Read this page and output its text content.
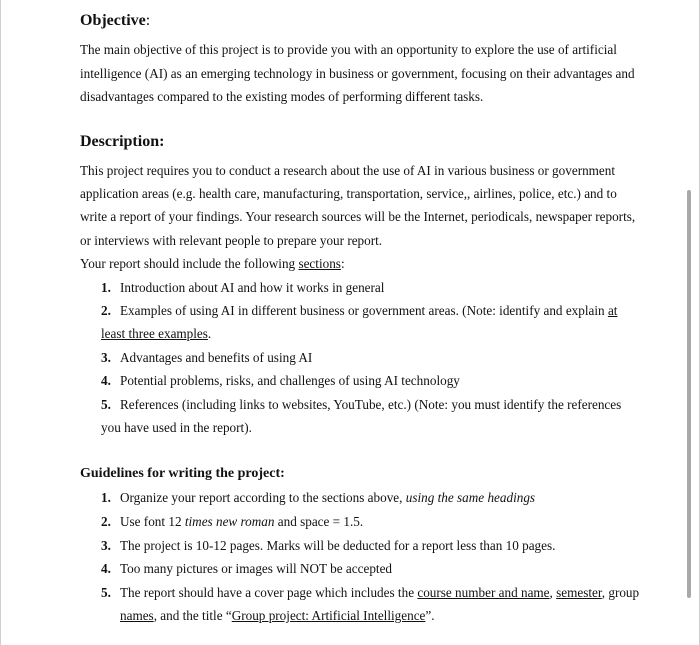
Objective:
The main objective of this project is to provide you with an opportunity to explore the use of artificial
intelligence (AI) as an emerging technology in business or government, focusing on their advantages and
disadvantages compared to the existing modes of performing different tasks.
Description:
This project requires you to conduct a research about the use of AI in various business or government
application areas (e.g. health care, manufacturing, transportation, service,, airlines, police, etc.) and to
write a report of your findings. Your research sources will be the Internet, periodicals, newspaper reports,
or interviews with relevant people to prepare your report.
Your report should include the following sections:
1. Introduction about AI and how it works in general
2. Examples of using AI in different business or government areas. (Note: identify and explain at
least three examples.
3. Advantages and benefits of using AI
4. Potential problems, risks, and challenges of using AI technology
5. References (including links to websites, YouTube, etc.) (Note: you must identify the references
you have used in the report).
Guidelines for writing the project:
1. Organize your report according to the sections above, using the same headings
2. Use font 12 times new roman and space = 1.5.
3. The project is 10-12 pages. Marks will be deducted for a report less than 10 pages.
4. Too many pictures or images will NOT be accepted
5. The report should have a cover page which includes the course number and name, semester, group
names, and the title “Group project: Artificial Intelligence”.
